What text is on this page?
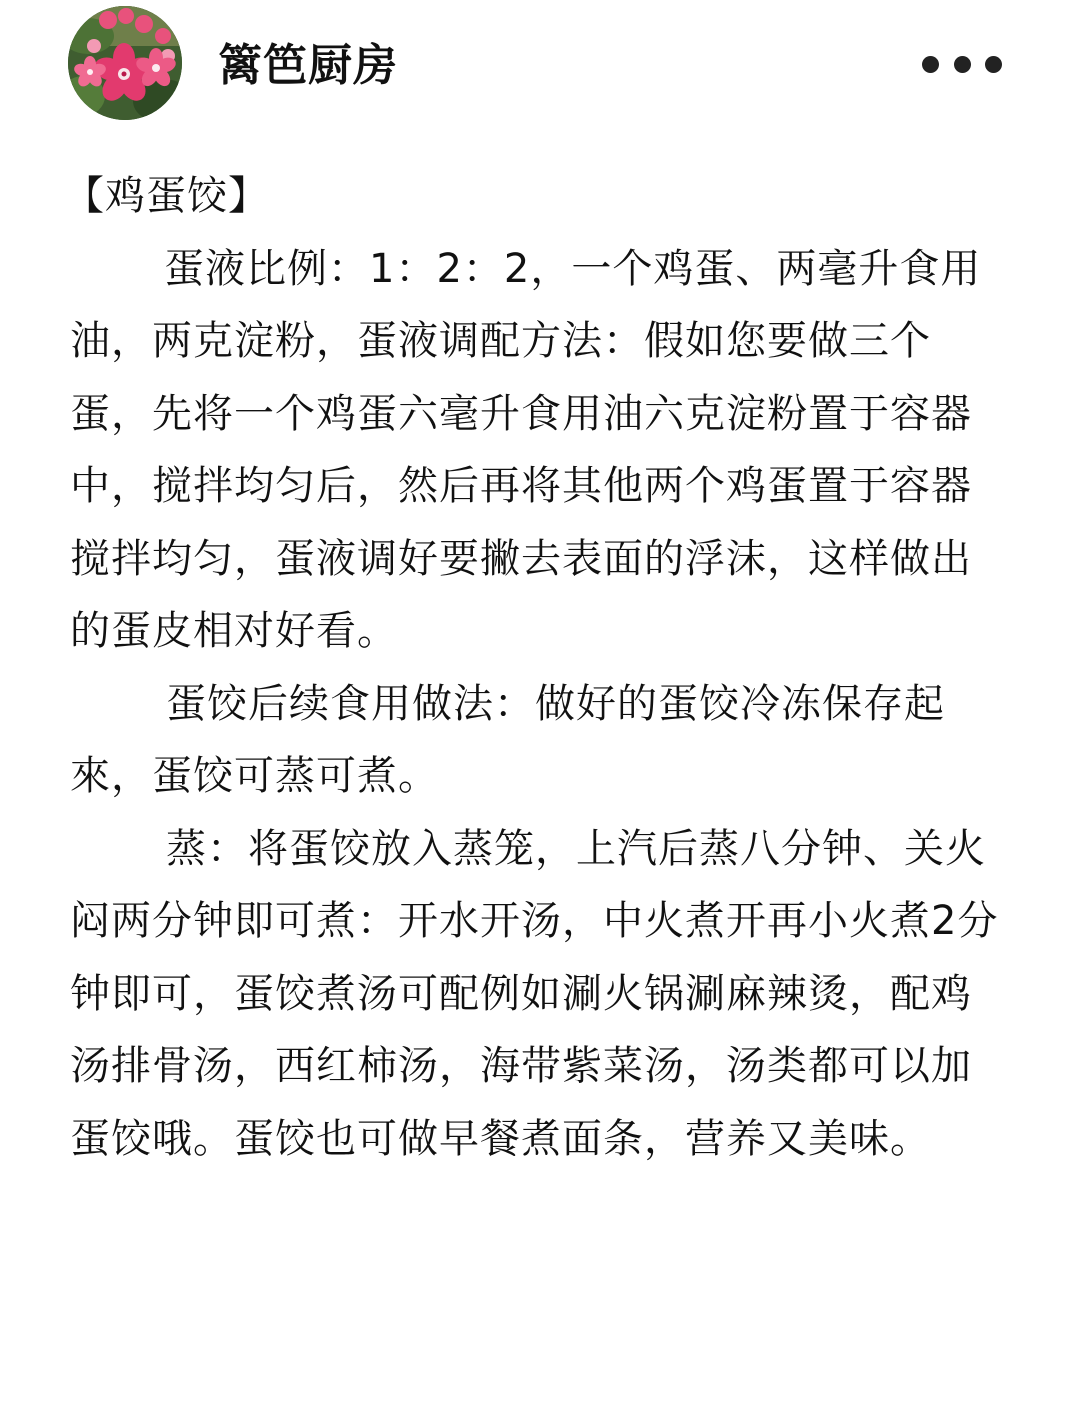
篱笆厨房
【鸡蛋饺】

蛋液比例：1：2：2，一个鸡蛋、两毫升食用油，两克淀粉，蛋液调配方法：假如您要做三个蛋，先将一个鸡蛋六毫升食用油六克淀粉置于容器中，搅拌均匀后，然后再将其他两个鸡蛋置于容器搅拌均匀，蛋液调好要撇去表面的浮沫，这样做出的蛋皮相对好看。

蛋饺后续食用做法：做好的蛋饺冷冻保存起來，蛋饺可蒸可煮。

蒸：将蛋饺放入蒸笼，上汽后蒸八分钟、关火闷两分钟即可煮：开水开汤，中火煮开再小火煮2分钟即可，蛋饺煮汤可配例如涮火锅涮麻辣烫，配鸡汤排骨汤，西红柿汤，海带紫菜汤，汤类都可以加蛋饺哦。蛋饺也可做早餐煮面条，营养又美味。
